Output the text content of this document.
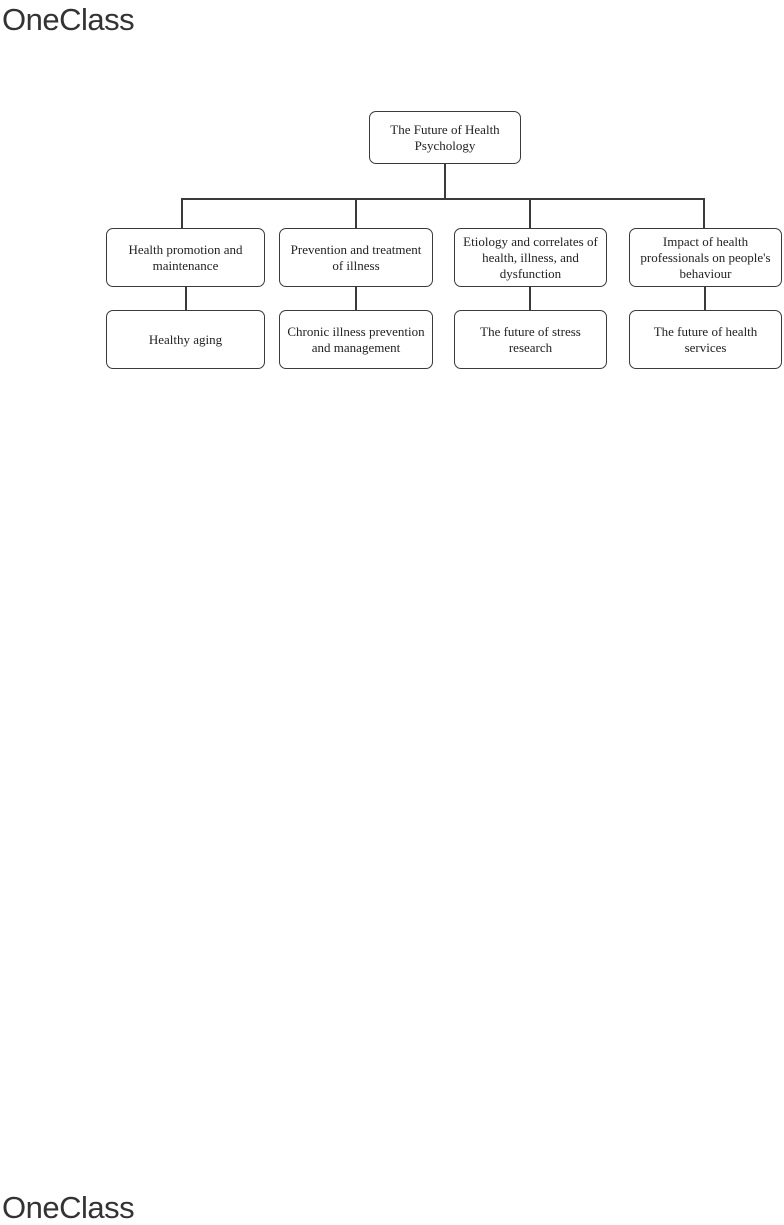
OneClass
The Future of Health Psychology
Health promotion and maintenance
Prevention and treatment of illness
Etiology and correlates of health, illness, and dysfunction
Impact of health professionals on people's behaviour
Healthy aging
Chronic illness prevention and management
The future of stress research
The future of health services
OneClass
